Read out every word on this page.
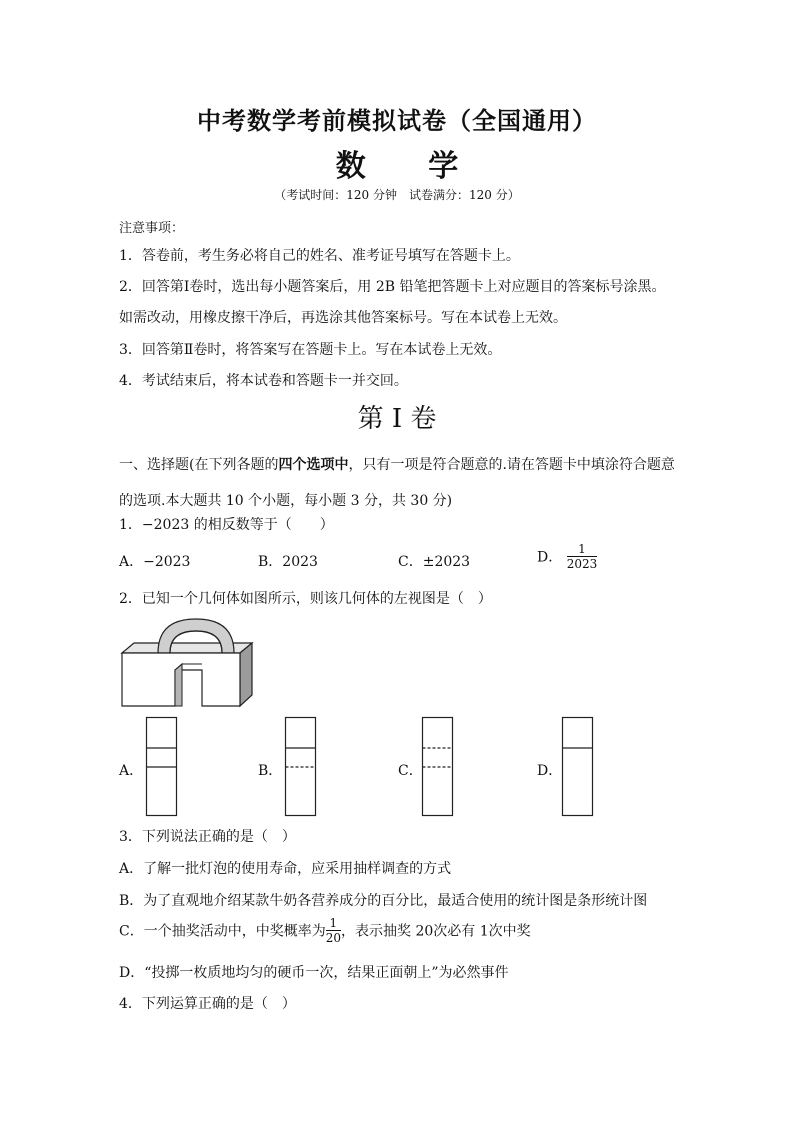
中考数学考前模拟试卷（全国通用）
数 学
（考试时间：120 分钟　试卷满分：120 分）
注意事项：
1．答卷前，考生务必将自己的姓名、准考证号填写在答题卡上。
2．回答第Ⅰ卷时，选出每小题答案后，用 2B 铅笔把答题卡上对应题目的答案标号涂黑。
如需改动，用橡皮擦干净后，再选涂其他答案标号。写在本试卷上无效。
3．回答第Ⅱ卷时，将答案写在答题卡上。写在本试卷上无效。
4．考试结束后，将本试卷和答题卡一并交回。
第 I 卷
一、选择题(在下列各题的四个选项中，只有一项是符合题意的.请在答题卡中填涂符合题意
的选项.本大题共 10 个小题，每小题 3 分，共 30 分)
1．−2023 的相反数等于（　　）
A．−2023	B．2023	C．±2023	D． $\frac{1}{2023}$
2．已知一个几何体如图所示，则该几何体的左视图是（　）
A．	B．	C．	D．
3．下列说法正确的是（　）
A．了解一批灯泡的使用寿命，应采用抽样调查的方式
B．为了直观地介绍某款牛奶各营养成分的百分比，最适合使用的统计图是条形统计图
C．一个抽奖活动中，中奖概率为 $\frac{1}{20}$ ，表示抽奖 20次必有 1次中奖
D．“投掷一枚质地均匀的硬币一次，结果正面朝上”为必然事件
4．下列运算正确的是（　）
